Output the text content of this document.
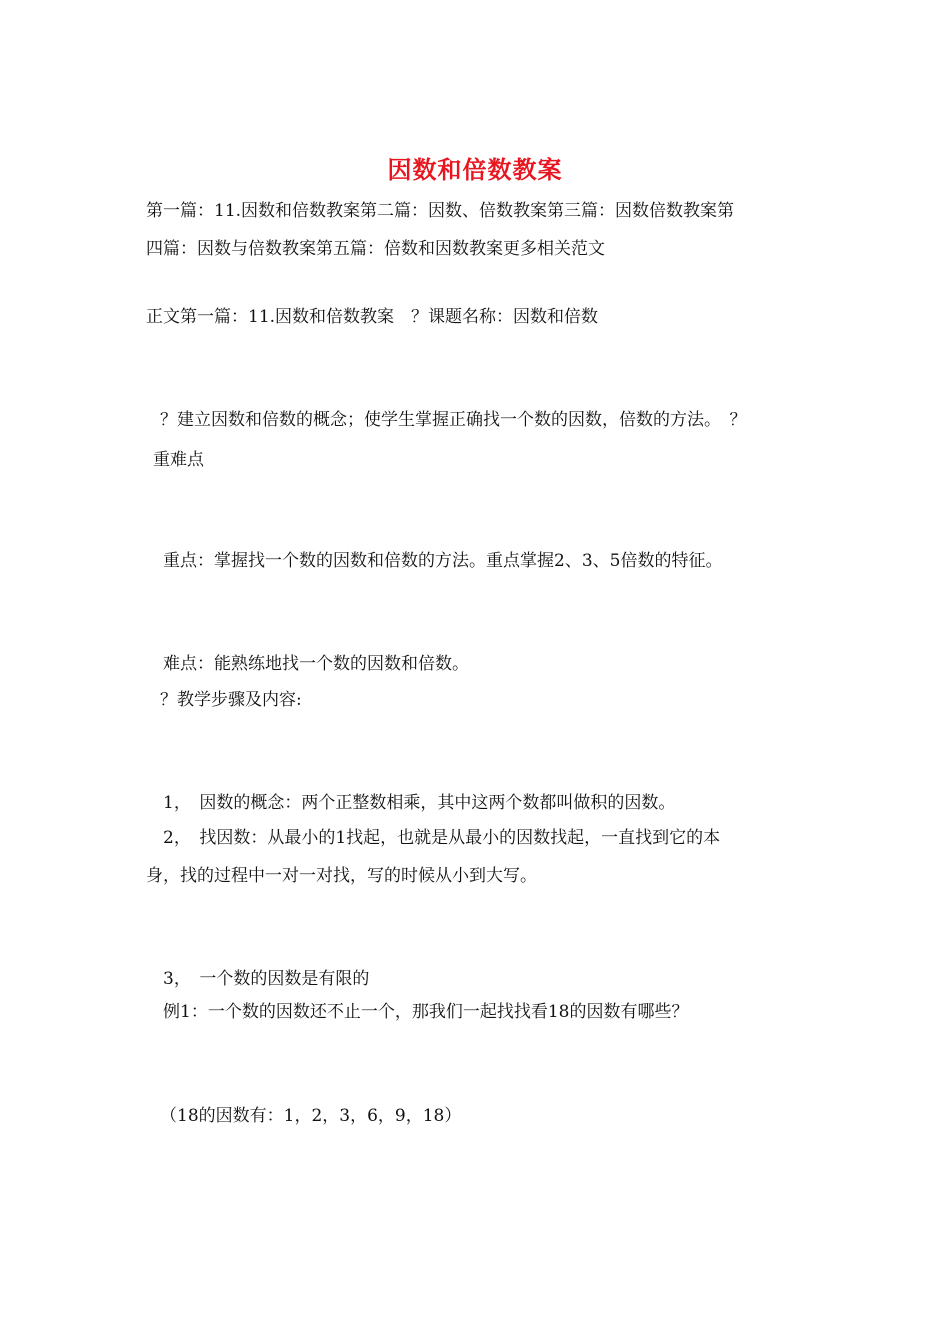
因数和倍数教案
第一篇：11.因数和倍数教案第二篇：因数、倍数教案第三篇：因数倍数教案第
四篇：因数与倍数教案第五篇：倍数和因数教案更多相关范文
正文第一篇：11.因数和倍数教案　？课题名称：因数和倍数
？建立因数和倍数的概念；使学生掌握正确找一个数的因数，倍数的方法。　？
重难点
重点：掌握找一个数的因数和倍数的方法。重点掌握2、3、5倍数的特征。
难点：能熟练地找一个数的因数和倍数。
？教学步骤及内容:
1，　因数的概念：两个正整数相乘，其中这两个数都叫做积的因数。
2，　找因数：从最小的1找起，也就是从最小的因数找起，一直找到它的本
身，找的过程中一对一对找，写的时候从小到大写。
3，　一个数的因数是有限的
例1：一个数的因数还不止一个，那我们一起找找看18的因数有哪些？
（18的因数有：1，2，3，6，9，18）
